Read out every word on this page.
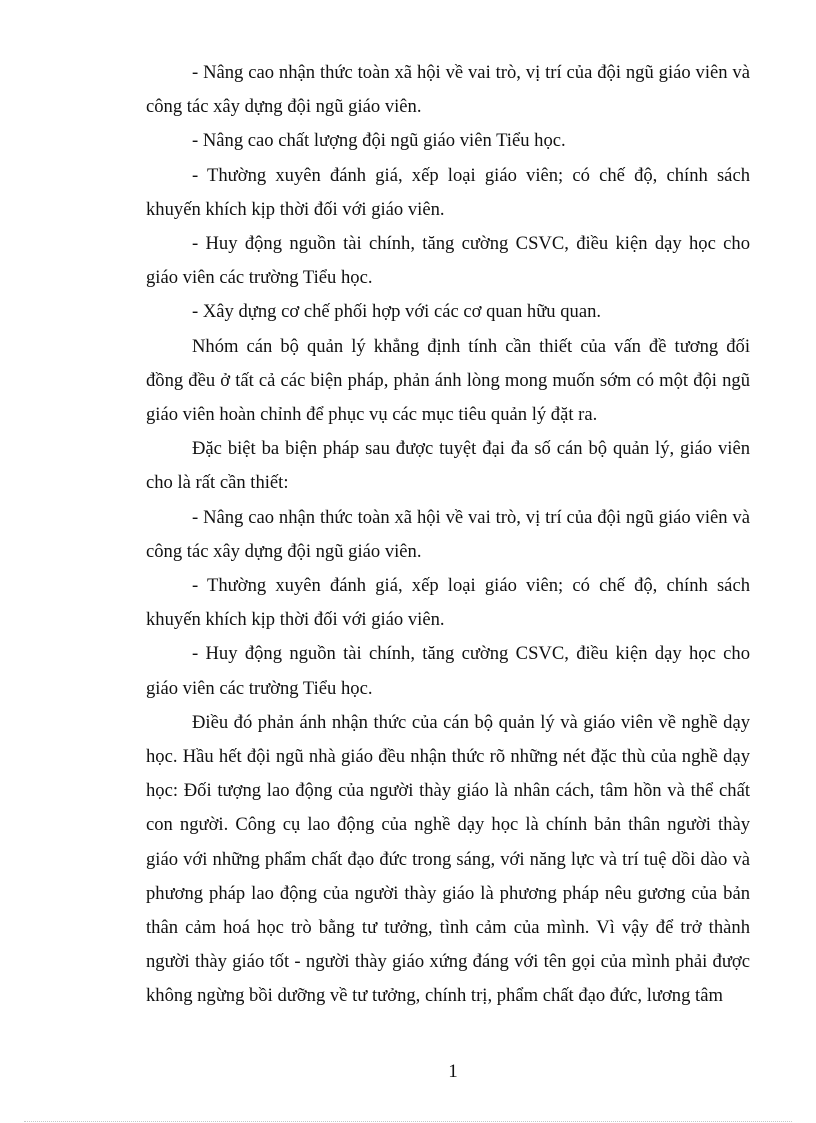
- Nâng cao nhận thức toàn xã hội về vai trò, vị trí của đội ngũ giáo viên và
công tác xây dựng đội ngũ giáo viên.

- Nâng cao chất lượng đội ngũ giáo viên Tiểu học.

- Thường xuyên đánh giá, xếp loại giáo viên; có chế độ, chính sách
khuyến khích kịp thời đối với giáo viên.

- Huy động nguồn tài chính, tăng cường CSVC, điều kiện dạy học cho
giáo viên các trường Tiểu học.

- Xây dựng cơ chế phối hợp với các cơ quan hữu quan.

Nhóm cán bộ quản lý khẳng định tính cần thiết của vấn đề tương đối
đồng đều ở tất cả các biện pháp, phản ánh lòng mong muốn sớm có một đội ngũ
giáo viên hoàn chỉnh để phục vụ các mục tiêu quản lý đặt ra.

Đặc biệt ba biện pháp sau được tuyệt đại đa số cán bộ quản lý, giáo viên
cho là rất cần thiết:

- Nâng cao nhận thức toàn xã hội về vai trò, vị trí của đội ngũ giáo viên và
công tác xây dựng đội ngũ giáo viên.

- Thường xuyên đánh giá, xếp loại giáo viên; có chế độ, chính sách
khuyến khích kịp thời đối với giáo viên.

- Huy động nguồn tài chính, tăng cường CSVC, điều kiện dạy học cho
giáo viên các trường Tiểu học.

Điều đó phản ánh nhận thức của cán bộ quản lý và giáo viên về nghề dạy
học. Hầu hết đội ngũ nhà giáo đều nhận thức rõ những nét đặc thù của nghề dạy
học: Đối tượng lao động của người thày giáo là nhân cách, tâm hồn và thể chất
con người. Công cụ lao động của nghề dạy học là chính bản thân người thày
giáo với những phẩm chất đạo đức trong sáng, với năng lực và trí tuệ dồi dào và
phương pháp lao động của người thày giáo là phương pháp nêu gương của bản
thân cảm hoá học trò bằng tư tưởng, tình cảm của mình. Vì vậy để trở thành
người thày giáo tốt - người thày giáo xứng đáng với tên gọi của mình phải được
không ngừng bồi dưỡng về tư tưởng, chính trị, phẩm chất đạo đức, lương tâm

1
